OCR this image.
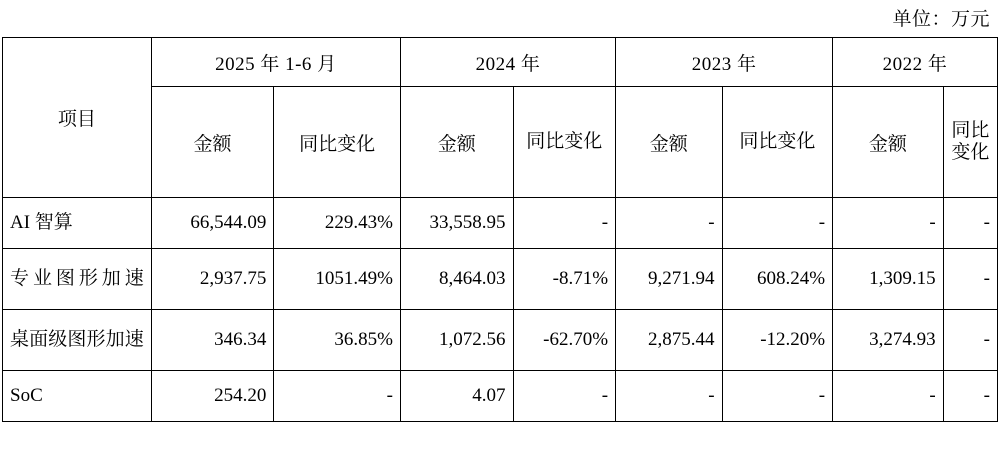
单位：万元
项目	2025 年 1-6 月		2024 年		2023 年		2022 年	
	金额	同比变化	金额	同比变化	金额	同比变化	金额	同比变化
AI 智算	66,544.09	229.43%	33,558.95	-	-	-	-	-
专业图形加速	2,937.75	1051.49%	8,464.03	-8.71%	9,271.94	608.24%	1,309.15	-
桌面级图形加速	346.34	36.85%	1,072.56	-62.70%	2,875.44	-12.20%	3,274.93	-
SoC	254.20	-	4.07	-	-	-	-	-
